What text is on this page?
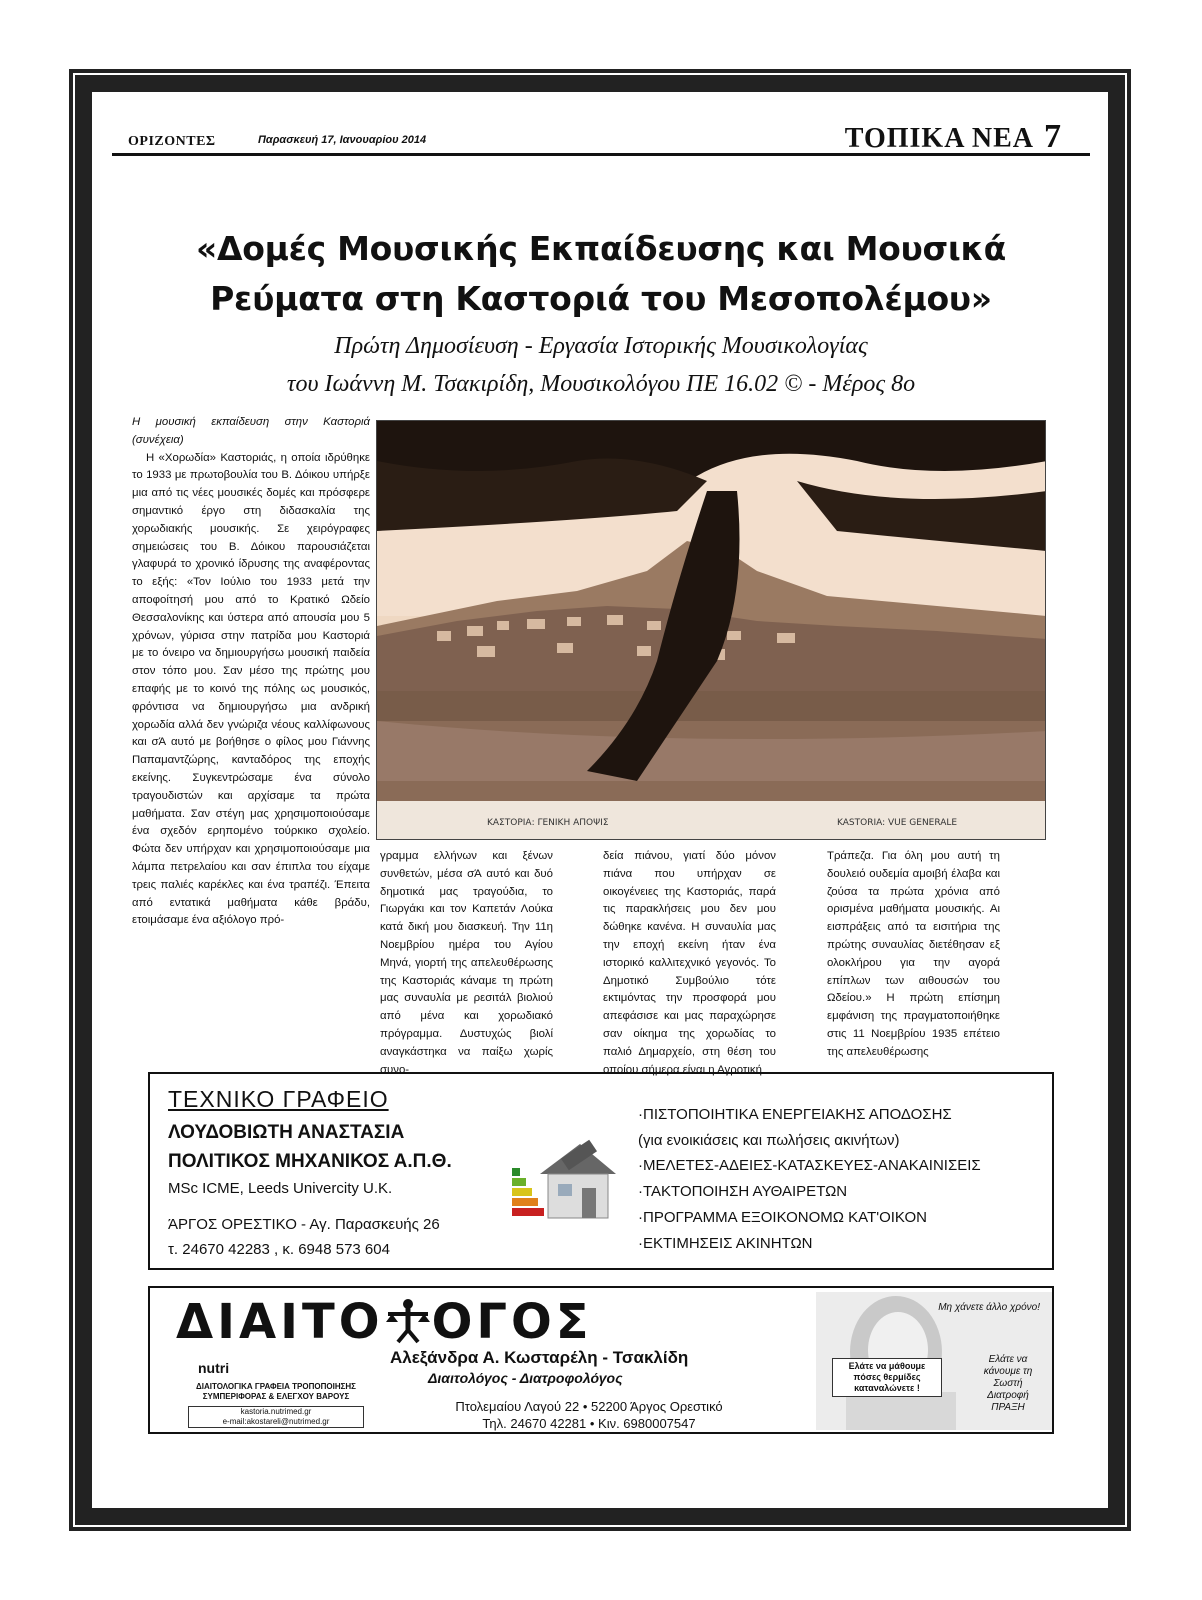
ΟΡΙΖΟΝΤΕΣ	Παρασκευή 17, Ιανουαρίου 2014	ΤΟΠΙΚΑ ΝΕΑ 7
«Δομές Μουσικής Εκπαίδευσης και Μουσικά
Ρεύματα στη Καστοριά του Μεσοπολέμου»
Πρώτη Δημοσίευση - Εργασία Ιστορικής Μουσικολογίας
του Ιωάννη Μ. Τσακιρίδη, Μουσικολόγου ΠΕ 16.02 © - Μέρος 8ο
Η μουσική εκπαίδευση στην Καστοριά (συνέχεια)

Η «Χορωδία» Καστοριάς, η οποία ιδρύθηκε το 1933 με πρωτοβουλία του Β. Δόικου υπήρξε μια από τις νέες μουσικές δομές και πρόσφερε σημαντικό έργο στη διδασκαλία της χορωδιακής μουσικής. Σε χειρόγραφες σημειώσεις του Β. Δόικου παρουσιάζεται γλαφυρά το χρονικό ίδρυσης της αναφέροντας το εξής: «Τον Ιούλιο του 1933 μετά την αποφοίτησή μου από το Κρατικό Ωδείο Θεσσαλονίκης και ύστερα από απουσία μου 5 χρόνων, γύρισα στην πατρίδα μου Καστοριά με το όνειρο να δημιουργήσω μουσική παιδεία στον τόπο μου. Σαν μέσο της πρώτης μου επαφής με το κοινό της πόλης ως μουσικός, φρόντισα να δημιουργήσω μια ανδρική χορωδία αλλά δεν γνώριζα νέους καλλίφωνους και σΆ αυτό με βοήθησε ο φίλος μου Γιάννης Παπαμαντζώρης, κανταδόρος της εποχής εκείνης. Συγκεντρώσαμε ένα σύνολο τραγουδιστών και αρχίσαμε τα πρώτα μαθήματα. Σαν στέγη μας χρησιμοποιούσαμε ένα σχεδόν ερηπομένο τούρκικο σχολείο. Φώτα δεν υπήρχαν και χρησιμοποιούσαμε μια λάμπα πετρελαίου και σαν έπιπλα του είχαμε τρεις παλιές καρέκλες και ένα τραπέζι. Έπειτα από εντατικά μαθήματα κάθε βράδυ, ετοιμάσαμε ένα αξιόλογο πρό-

ΚΑΣΤΟΡΙΑ: ΓΕΝΙΚΗ ΑΠΟΨΙΣ	KASTORIA: VUE GENERALE

γραμμα ελλήνων και ξένων συνθετών, μέσα σΆ αυτό και δυό δημοτικά μας τραγούδια, το Γιωργάκι και τον Καπετάν Λούκα κατά δική μου διασκευή. Την 11η Νοεμβρίου ημέρα του Αγίου Μηνά, γιορτή της απελευθέρωσης της Καστοριάς κάναμε τη πρώτη μας συναυλία με ρεσιτάλ βιολιού από μένα και χορωδιακό πρόγραμμα. Δυστυχώς βιολί αναγκάστηκα να παίξω χωρίς συνο-

δεία πιάνου, γιατί δύο μόνον πιάνα που υπήρχαν σε οικογένειες της Καστοριάς, παρά τις παρακλήσεις μου δεν μου δώθηκε κανένα. Η συναυλία μας την εποχή εκείνη ήταν ένα ιστορικό καλλιτεχνικό γεγονός. Το Δημοτικό Συμβούλιο τότε εκτιμόντας την προσφορά μου απεφάσισε και μας παραχώρησε σαν οίκημα της χορωδίας το παλιό Δημαρχείο, στη θέση του οποίου σήμερα είναι η Αγροτική

Τράπεζα. Για όλη μου αυτή τη δουλειό ουδεμία αμοιβή έλαβα και ζούσα τα πρώτα χρόνια από ορισμένα μαθήματα μουσικής. Αι εισπράξεις από τα εισιτήρια της πρώτης συναυλίας διετέθησαν εξ ολοκλήρου για την αγορά επίπλων των αιθουσών του Ωδείου.» Η πρώτη επίσημη εμφάνιση της πραγματοποιήθηκε στις 11 Νοεμβρίου 1935 επέτειο της απελευθέρωσης

ΤΕΧΝΙΚΟ ΓΡΑΦΕΙΟ
ΛΟΥΔΟΒΙΩΤΗ ΑΝΑΣΤΑΣΙΑ
ΠΟΛΙΤΙΚΟΣ ΜΗΧΑΝΙΚΟΣ Α.Π.Θ.
MSc ICME, Leeds Univercity U.K.
ΆΡΓΟΣ ΟΡΕΣΤΙΚΟ - Αγ. Παρασκευής 26
τ. 24670 42283 , κ. 6948 573 604
·ΠΙΣΤΟΠΟΙΗΤΙΚΑ ΕΝΕΡΓΕΙΑΚΗΣ ΑΠΟΔΟΣΗΣ
(για ενοικιάσεις και πωλήσεις ακινήτων)
·ΜΕΛΕΤΕΣ-ΑΔΕΙΕΣ-ΚΑΤΑΣΚΕΥΕΣ-ΑΝΑΚΑΙΝΙΣΕΙΣ
·ΤΑΚΤΟΠΟΙΗΣΗ ΑΥΘΑΙΡΕΤΩΝ
·ΠΡΟΓΡΑΜΜΑ ΕΞΟΙΚΟΝΟΜΩ ΚΑΤ'ΟΙΚΟΝ
·ΕΚΤΙΜΗΣΕΙΣ ΑΚΙΝΗΤΩΝ
ΔΙΑΙΤΟ ΟΓΟΣ
Αλεξάνδρα Α. Κωσταρέλη - Τσακλίδη
Διαιτολόγος - Διατροφολόγος
Πτολεμαίου Λαγού 22 • 52200 Άργος Ορεστικό
Τηλ. 24670 42281 • Κιν. 6980007547
nutri
ΔΙΑΙΤΟΛΟΓΙΚΑ ΓΡΑΦΕΙΑ ΤΡΟΠΟΠΟΙΗΣΗΣ ΣΥΜΠΕΡΙΦΟΡΑΣ & ΕΛΕΓΧΟΥ ΒΑΡΟΥΣ
kastoria.nutrimed.gr
e-mail:akostareli@nutrimed.gr
Μη χάνετε άλλο χρόνο!
Ελάτε να κάνουμε τη Σωστή Διατροφή ΠΡΑΞΗ
Ελάτε να μάθουμε πόσες θερμίδες καταναλώνετε !
